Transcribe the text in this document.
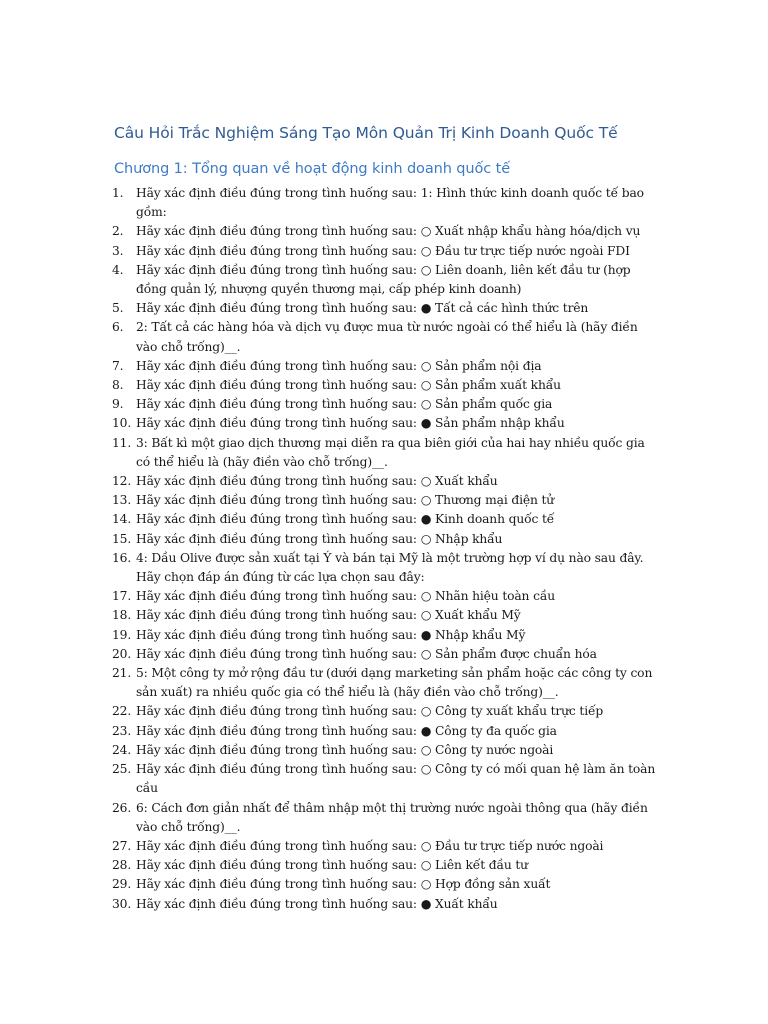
Câu Hỏi Trắc Nghiệm Sáng Tạo Môn Quản Trị Kinh Doanh Quốc Tế
Chương 1: Tổng quan về hoạt động kinh doanh quốc tế
1. Hãy xác định điều đúng trong tình huống sau: 1: Hình thức kinh doanh quốc tế bao gồm:
2. Hãy xác định điều đúng trong tình huống sau: ○ Xuất nhập khẩu hàng hóa/dịch vụ
3. Hãy xác định điều đúng trong tình huống sau: ○ Đầu tư trực tiếp nước ngoài FDI
4. Hãy xác định điều đúng trong tình huống sau: ○ Liên doanh, liên kết đầu tư (hợp đồng quản lý, nhượng quyền thương mại, cấp phép kinh doanh)
5. Hãy xác định điều đúng trong tình huống sau: ● Tất cả các hình thức trên
6. 2: Tất cả các hàng hóa và dịch vụ được mua từ nước ngoài có thể hiểu là (hãy điền vào chỗ trống)__.
7. Hãy xác định điều đúng trong tình huống sau: ○ Sản phẩm nội địa
8. Hãy xác định điều đúng trong tình huống sau: ○ Sản phẩm xuất khẩu
9. Hãy xác định điều đúng trong tình huống sau: ○ Sản phẩm quốc gia
10. Hãy xác định điều đúng trong tình huống sau: ● Sản phẩm nhập khẩu
11. 3: Bất kì một giao dịch thương mại diễn ra qua biên giới của hai hay nhiều quốc gia có thể hiểu là (hãy điền vào chỗ trống)__.
12. Hãy xác định điều đúng trong tình huống sau: ○ Xuất khẩu
13. Hãy xác định điều đúng trong tình huống sau: ○ Thương mại điện tử
14. Hãy xác định điều đúng trong tình huống sau: ● Kinh doanh quốc tế
15. Hãy xác định điều đúng trong tình huống sau: ○ Nhập khẩu
16. 4: Dầu Olive được sản xuất tại Ý và bán tại Mỹ là một trường hợp ví dụ nào sau đây. Hãy chọn đáp án đúng từ các lựa chọn sau đây:
17. Hãy xác định điều đúng trong tình huống sau: ○ Nhãn hiệu toàn cầu
18. Hãy xác định điều đúng trong tình huống sau: ○ Xuất khẩu Mỹ
19. Hãy xác định điều đúng trong tình huống sau: ● Nhập khẩu Mỹ
20. Hãy xác định điều đúng trong tình huống sau: ○ Sản phẩm được chuẩn hóa
21. 5: Một công ty mở rộng đầu tư (dưới dạng marketing sản phẩm hoặc các công ty con sản xuất) ra nhiều quốc gia có thể hiểu là (hãy điền vào chỗ trống)__.
22. Hãy xác định điều đúng trong tình huống sau: ○ Công ty xuất khẩu trực tiếp
23. Hãy xác định điều đúng trong tình huống sau: ● Công ty đa quốc gia
24. Hãy xác định điều đúng trong tình huống sau: ○ Công ty nước ngoài
25. Hãy xác định điều đúng trong tình huống sau: ○ Công ty có mối quan hệ làm ăn toàn cầu
26. 6: Cách đơn giản nhất để thâm nhập một thị trường nước ngoài thông qua (hãy điền vào chỗ trống)__.
27. Hãy xác định điều đúng trong tình huống sau: ○ Đầu tư trực tiếp nước ngoài
28. Hãy xác định điều đúng trong tình huống sau: ○ Liên kết đầu tư
29. Hãy xác định điều đúng trong tình huống sau: ○ Hợp đồng sản xuất
30. Hãy xác định điều đúng trong tình huống sau: ● Xuất khẩu
